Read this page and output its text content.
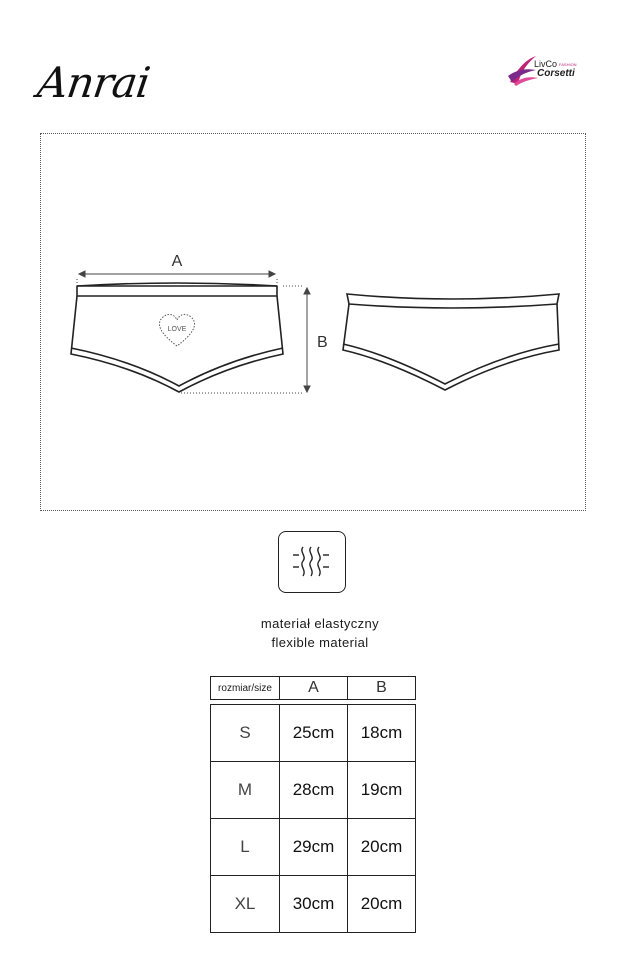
Anrai	LivCo $^{FASHION}$
Corsetti
LOVE
A
B
materiał elastyczny
flexible material
rozmiar/size	A	B
S	25cm	18cm
M	28cm	19cm
L	29cm	20cm
XL	30cm	20cm
